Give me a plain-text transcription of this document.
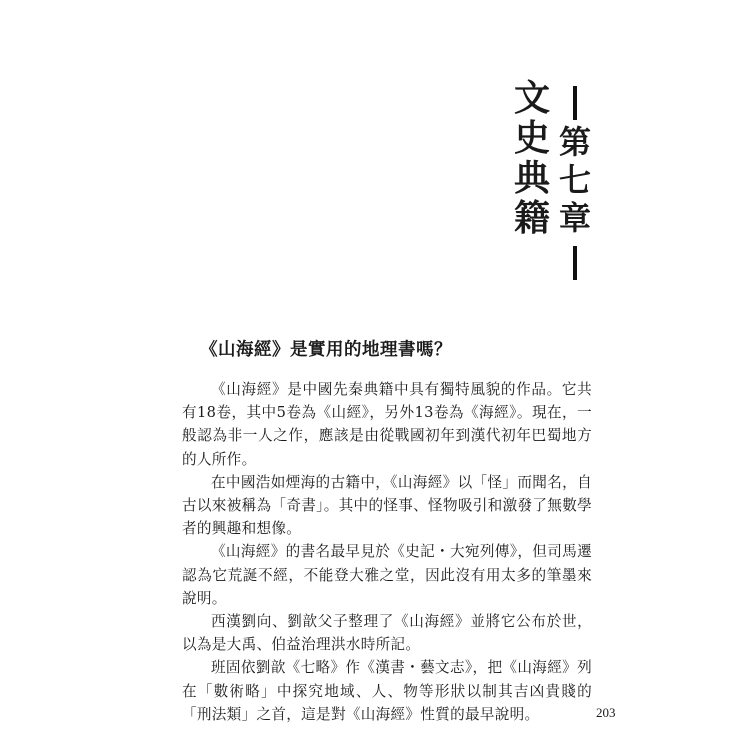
第
七
章
文
史
典
籍
《山海經》是實用的地理書嗎？

《山海經》是中國先秦典籍中具有獨特風貌的作品。它共有18卷，其中5卷為《山經》，另外13卷為《海經》。現在，一般認為非一人之作，應該是由從戰國初年到漢代初年巴蜀地方的人所作。

在中國浩如煙海的古籍中，《山海經》以「怪」而聞名，自古以來被稱為「奇書」。其中的怪事、怪物吸引和激發了無數學者的興趣和想像。

《山海經》的書名最早見於《史記・大宛列傳》，但司馬遷認為它荒誕不經，不能登大雅之堂，因此沒有用太多的筆墨來說明。

西漢劉向、劉歆父子整理了《山海經》並將它公布於世，以為是大禹、伯益治理洪水時所記。

班固依劉歆《七略》作《漢書・藝文志》，把《山海經》列在「數術略」中探究地域、人、物等形狀以制其吉凶貴賤的「刑法類」之首，這是對《山海經》性質的最早說明。	203
